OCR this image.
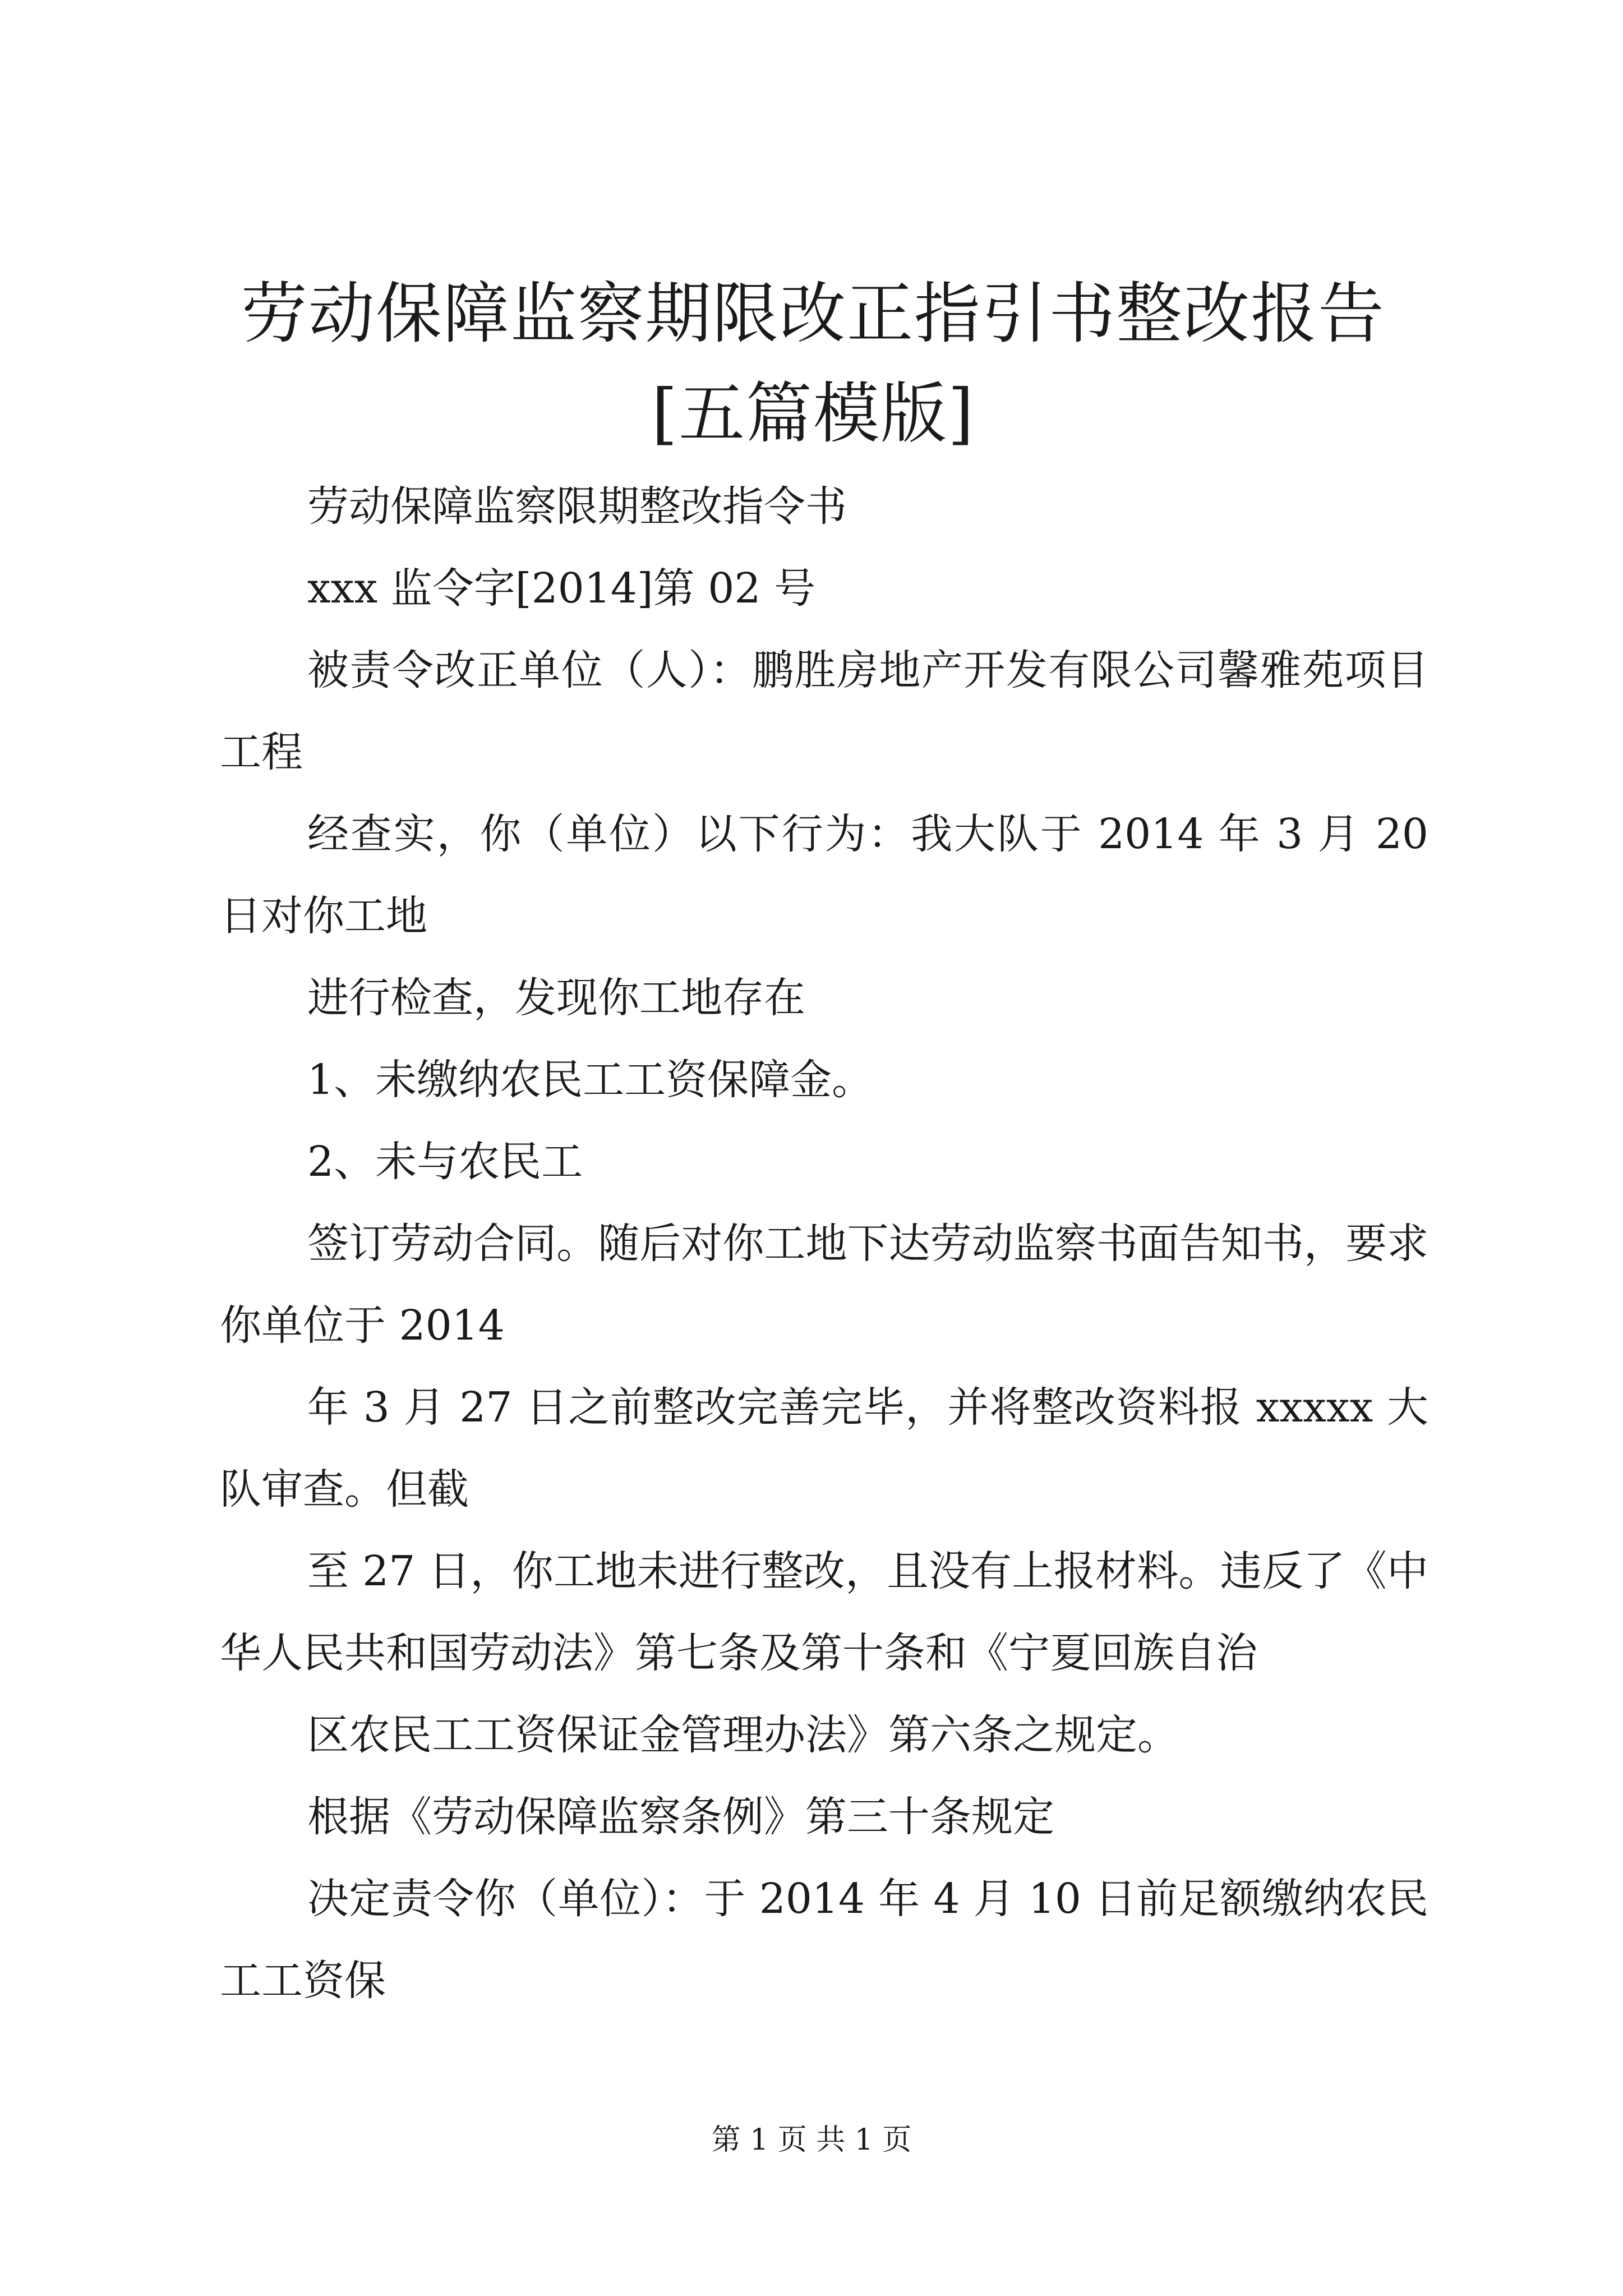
劳动保障监察期限改正指引书整改报告[五篇模版]

劳动保障监察限期整改指令书

xxx 监令字[2014]第 02 号

被责令改正单位（人）：鹏胜房地产开发有限公司馨雅苑项目工程

经查实，你（单位）以下行为：我大队于 2014 年 3 月 20 日对你工地

进行检查，发现你工地存在

1、未缴纳农民工工资保障金。

2、未与农民工

签订劳动合同。随后对你工地下达劳动监察书面告知书，要求你单位于 2014

年 3 月 27 日之前整改完善完毕，并将整改资料报 xxxxx 大队审查。但截

至 27 日，你工地未进行整改，且没有上报材料。违反了《中华人民共和国劳动法》第七条及第十条和《宁夏回族自治

区农民工工资保证金管理办法》第六条之规定。

根据《劳动保障监察条例》第三十条规定

决定责令你（单位）：于 2014 年 4 月 10 日前足额缴纳农民工工资保

第 1 页 共 1 页
